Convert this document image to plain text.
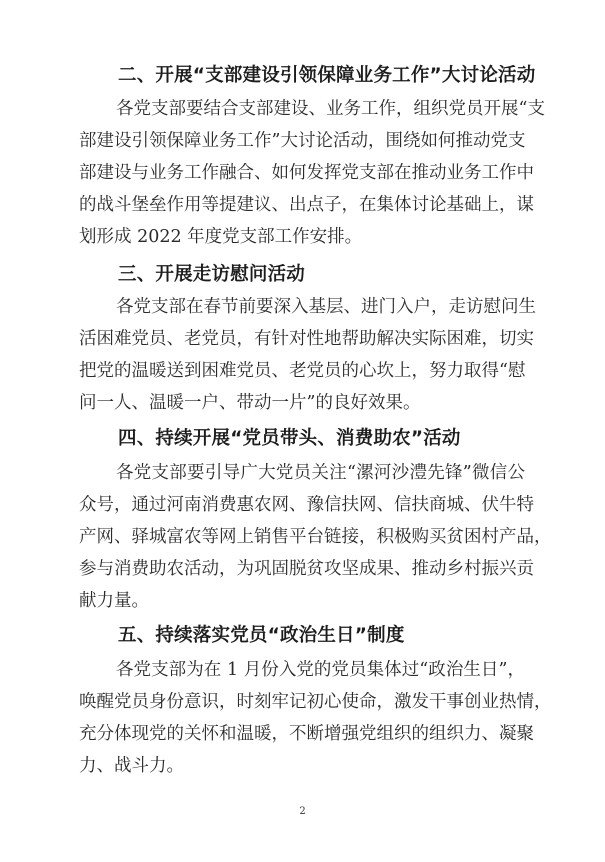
二、开展“支部建设引领保障业务工作”大讨论活动
各党支部要结合支部建设、业务工作，组织党员开展“支
部建设引领保障业务工作”大讨论活动，围绕如何推动党支
部建设与业务工作融合、如何发挥党支部在推动业务工作中
的战斗堡垒作用等提建议、出点子，在集体讨论基础上，谋
划形成 2022 年度党支部工作安排。
三、开展走访慰问活动
各党支部在春节前要深入基层、进门入户，走访慰问生
活困难党员、老党员，有针对性地帮助解决实际困难，切实
把党的温暖送到困难党员、老党员的心坎上，努力取得“慰
问一人、温暖一户、带动一片”的良好效果。
四、持续开展“党员带头、消费助农”活动
各党支部要引导广大党员关注“漯河沙澧先锋”微信公
众号，通过河南消费惠农网、豫信扶网、信扶商城、伏牛特
产网、驿城富农等网上销售平台链接，积极购买贫困村产品，
参与消费助农活动，为巩固脱贫攻坚成果、推动乡村振兴贡
献力量。
五、持续落实党员“政治生日”制度
各党支部为在 1 月份入党的党员集体过“政治生日”，
唤醒党员身份意识，时刻牢记初心使命，激发干事创业热情，
充分体现党的关怀和温暖，不断增强党组织的组织力、凝聚
力、战斗力。
2
